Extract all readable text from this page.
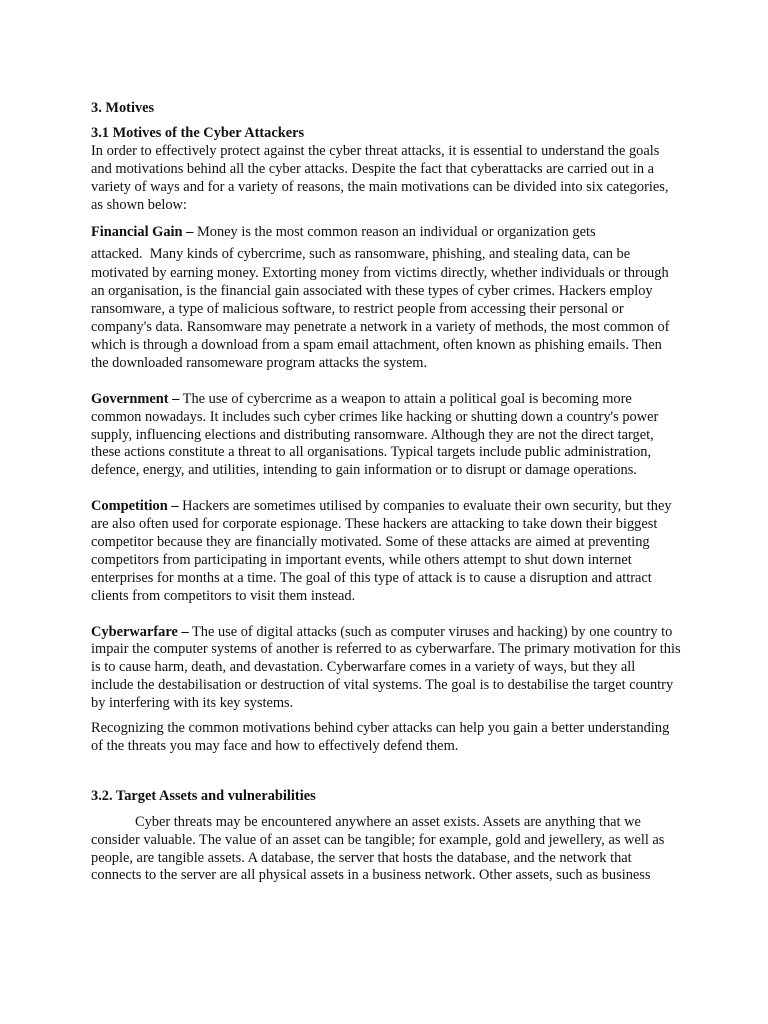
3. Motives

3.1 Motives of the Cyber Attackers

In order to effectively protect against the cyber threat attacks, it is essential to understand the goals and motivations behind all the cyber attacks. Despite the fact that cyberattacks are carried out in a variety of ways and for a variety of reasons, the main motivations can be divided into six categories, as shown below:

Financial Gain – Money is the most common reason an individual or organization gets attacked.  Many kinds of cybercrime, such as ransomware, phishing, and stealing data, can be motivated by earning money. Extorting money from victims directly, whether individuals or through an organisation, is the financial gain associated with these types of cyber crimes. Hackers employ ransomware, a type of malicious software, to restrict people from accessing their personal or company's data. Ransomware may penetrate a network in a variety of methods, the most common of which is through a download from a spam email attachment, often known as phishing emails. Then the downloaded ransomeware program attacks the system.

Government – The use of cybercrime as a weapon to attain a political goal is becoming more common nowadays. It includes such cyber crimes like hacking or shutting down a country's power supply, influencing elections and distributing ransomware. Although they are not the direct target, these actions constitute a threat to all organisations. Typical targets include public administration, defence, energy, and utilities, intending to gain information or to disrupt or damage operations.

Competition – Hackers are sometimes utilised by companies to evaluate their own security, but they are also often used for corporate espionage. These hackers are attacking to take down their biggest competitor because they are financially motivated. Some of these attacks are aimed at preventing competitors from participating in important events, while others attempt to shut down internet enterprises for months at a time. The goal of this type of attack is to cause a disruption and attract clients from competitors to visit them instead.

Cyberwarfare – The use of digital attacks (such as computer viruses and hacking) by one country to impair the computer systems of another is referred to as cyberwarfare. The primary motivation for this is to cause harm, death, and devastation. Cyberwarfare comes in a variety of ways, but they all include the destabilisation or destruction of vital systems. The goal is to destabilise the target country by interfering with its key systems.

Recognizing the common motivations behind cyber attacks can help you gain a better understanding of the threats you may face and how to effectively defend them.

3.2. Target Assets and vulnerabilities

Cyber threats may be encountered anywhere an asset exists. Assets are anything that we consider valuable. The value of an asset can be tangible; for example, gold and jewellery, as well as people, are tangible assets. A database, the server that hosts the database, and the network that connects to the server are all physical assets in a business network. Other assets, such as business
